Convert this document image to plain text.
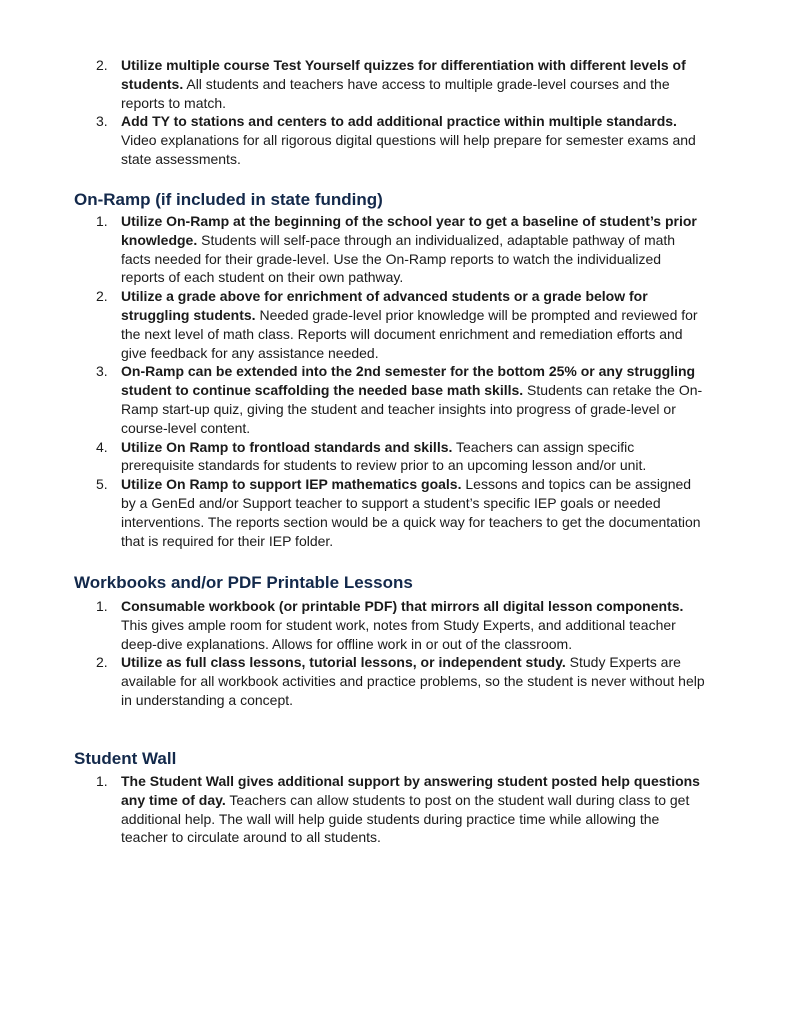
2. Utilize multiple course Test Yourself quizzes for differentiation with different levels of students. All students and teachers have access to multiple grade-level courses and the reports to match.
3. Add TY to stations and centers to add additional practice within multiple standards. Video explanations for all rigorous digital questions will help prepare for semester exams and state assessments.
On-Ramp (if included in state funding)
1. Utilize On-Ramp at the beginning of the school year to get a baseline of student’s prior knowledge. Students will self-pace through an individualized, adaptable pathway of math facts needed for their grade-level. Use the On-Ramp reports to watch the individualized reports of each student on their own pathway.
2. Utilize a grade above for enrichment of advanced students or a grade below for struggling students. Needed grade-level prior knowledge will be prompted and reviewed for the next level of math class. Reports will document enrichment and remediation efforts and give feedback for any assistance needed.
3. On-Ramp can be extended into the 2nd semester for the bottom 25% or any struggling student to continue scaffolding the needed base math skills. Students can retake the On-Ramp start-up quiz, giving the student and teacher insights into progress of grade-level or course-level content.
4. Utilize On Ramp to frontload standards and skills. Teachers can assign specific prerequisite standards for students to review prior to an upcoming lesson and/or unit.
5. Utilize On Ramp to support IEP mathematics goals. Lessons and topics can be assigned by a GenEd and/or Support teacher to support a student’s specific IEP goals or needed interventions. The reports section would be a quick way for teachers to get the documentation that is required for their IEP folder.
Workbooks and/or PDF Printable Lessons
1. Consumable workbook (or printable PDF) that mirrors all digital lesson components. This gives ample room for student work, notes from Study Experts, and additional teacher deep-dive explanations. Allows for offline work in or out of the classroom.
2. Utilize as full class lessons, tutorial lessons, or independent study. Study Experts are available for all workbook activities and practice problems, so the student is never without help in understanding a concept.
Student Wall
1. The Student Wall gives additional support by answering student posted help questions any time of day. Teachers can allow students to post on the student wall during class to get additional help. The wall will help guide students during practice time while allowing the teacher to circulate around to all students.
